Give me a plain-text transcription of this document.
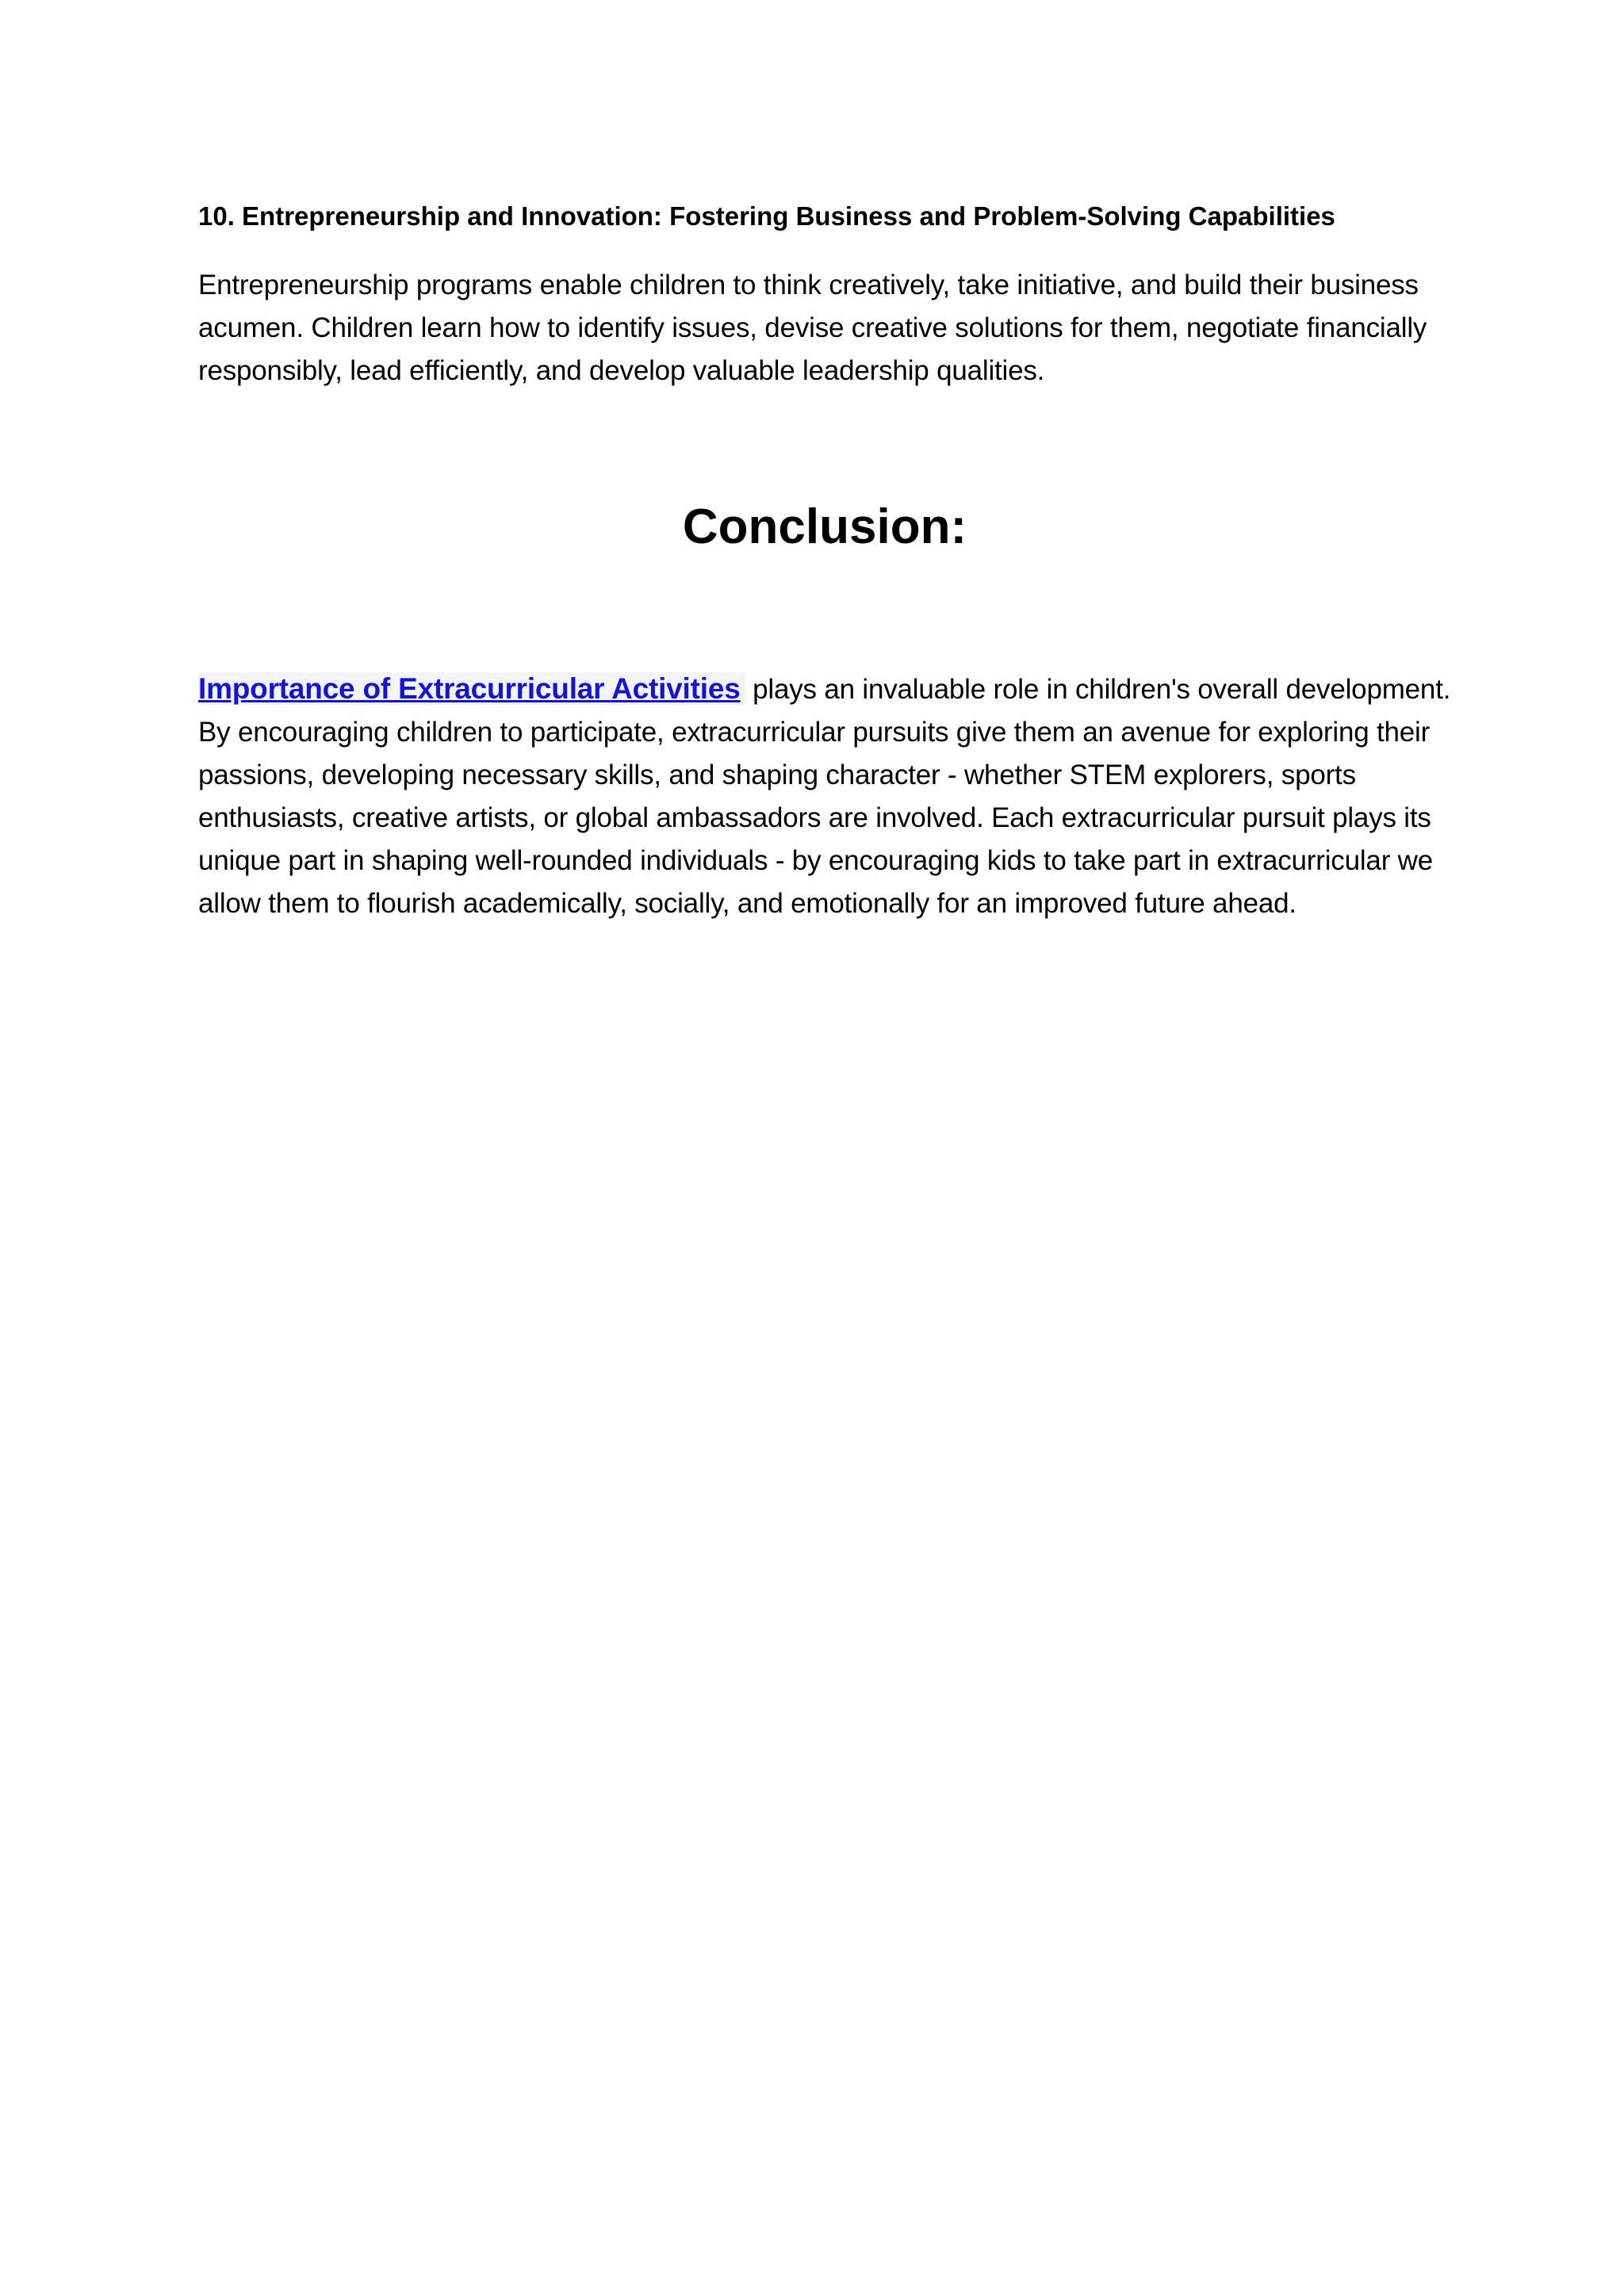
10. Entrepreneurship and Innovation: Fostering Business and Problem-Solving Capabilities

Entrepreneurship programs enable children to think creatively, take initiative, and build their business acumen. Children learn how to identify issues, devise creative solutions for them, negotiate financially responsibly, lead efficiently, and develop valuable leadership qualities.

Conclusion:

Importance of Extracurricular Activities plays an invaluable role in children's overall development. By encouraging children to participate, extracurricular pursuits give them an avenue for exploring their passions, developing necessary skills, and shaping character - whether STEM explorers, sports enthusiasts, creative artists, or global ambassadors are involved. Each extracurricular pursuit plays its unique part in shaping well-rounded individuals - by encouraging kids to take part in extracurricular we allow them to flourish academically, socially, and emotionally for an improved future ahead.
